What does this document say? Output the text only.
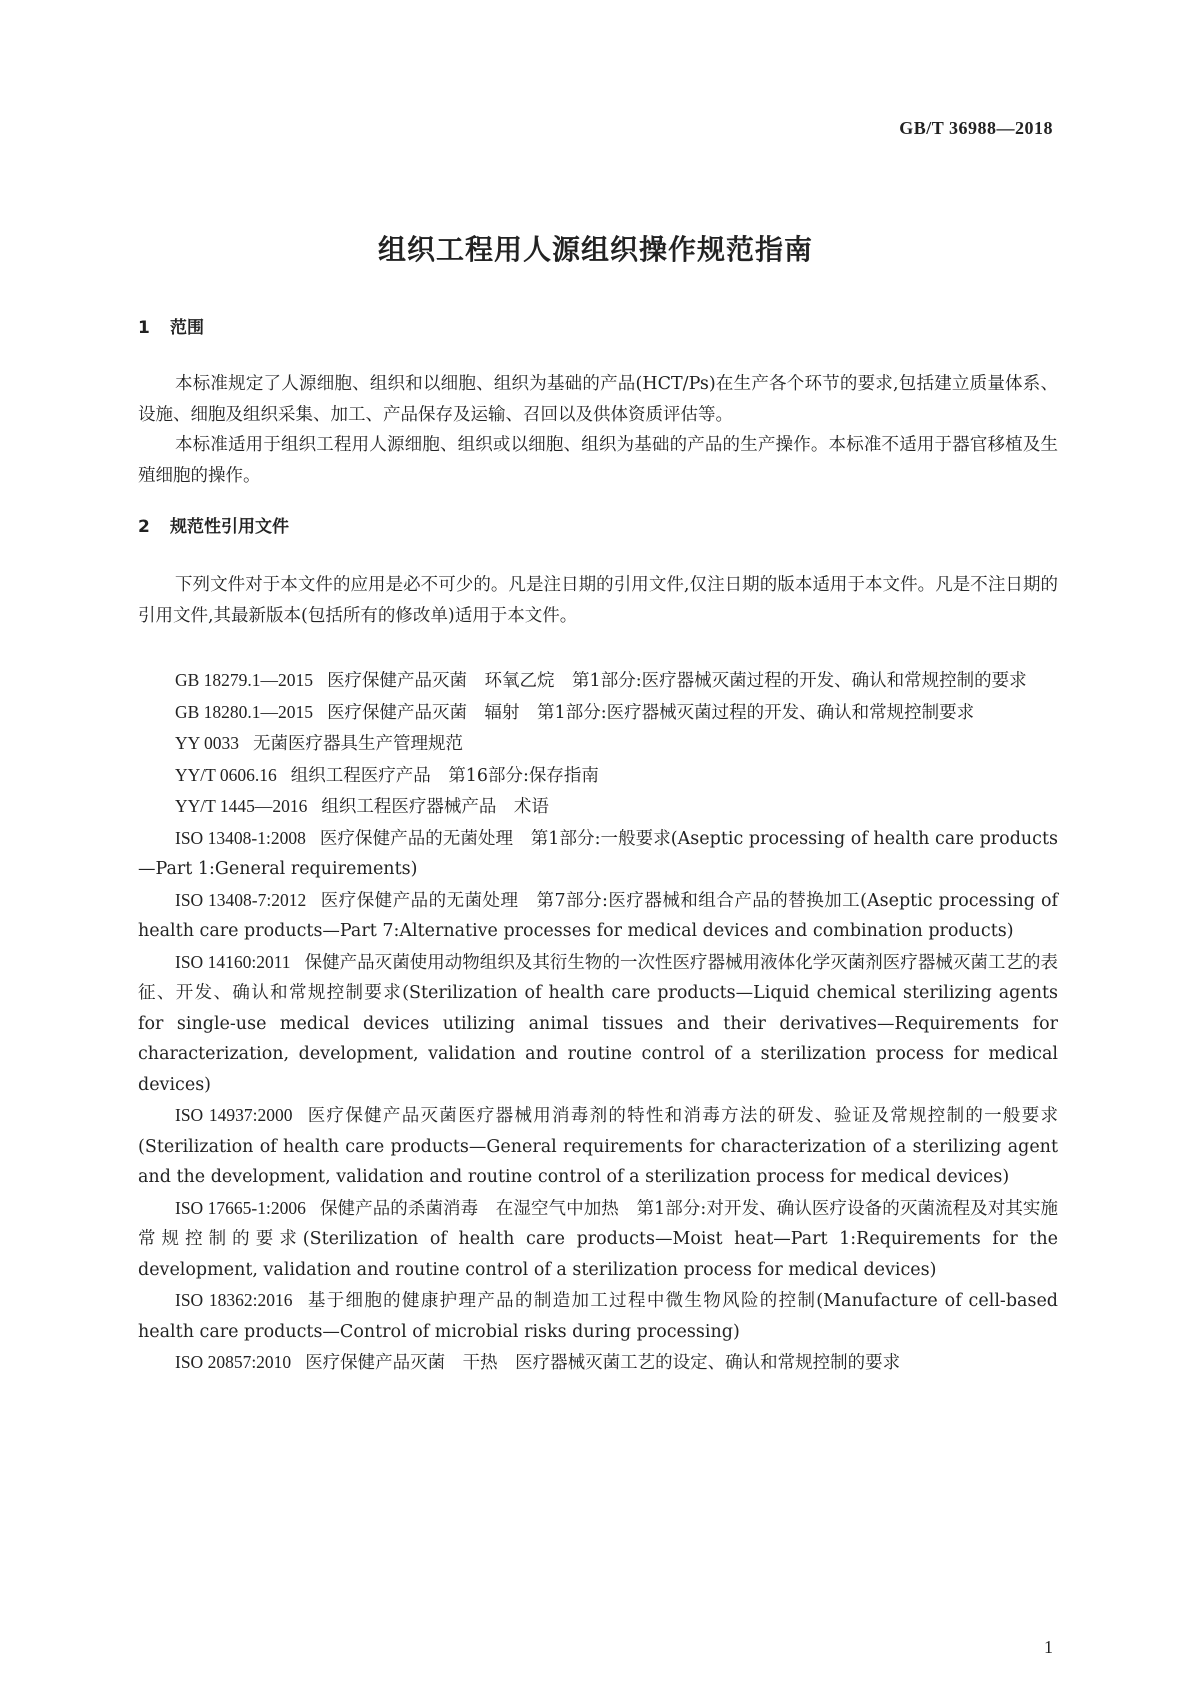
GB/T 36988—2018
组织工程用人源组织操作规范指南
1 范围
本标准规定了人源细胞、组织和以细胞、组织为基础的产品(HCT/Ps)在生产各个环节的要求,包括建立质量体系、设施、细胞及组织采集、加工、产品保存及运输、召回以及供体资质评估等。
本标准适用于组织工程用人源细胞、组织或以细胞、组织为基础的产品的生产操作。本标准不适用于器官移植及生殖细胞的操作。
2 规范性引用文件
下列文件对于本文件的应用是必不可少的。凡是注日期的引用文件,仅注日期的版本适用于本文件。凡是不注日期的引用文件,其最新版本(包括所有的修改单)适用于本文件。
GB 18279.1—2015 医疗保健产品灭菌　环氧乙烷　第1部分:医疗器械灭菌过程的开发、确认和常规控制的要求
GB 18280.1—2015 医疗保健产品灭菌　辐射　第1部分:医疗器械灭菌过程的开发、确认和常规控制要求
YY 0033 无菌医疗器具生产管理规范
YY/T 0606.16 组织工程医疗产品　第16部分:保存指南
YY/T 1445—2016 组织工程医疗器械产品　术语
ISO 13408-1:2008 医疗保健产品的无菌处理　第1部分:一般要求(Aseptic processing of health care products—Part 1:General requirements)
ISO 13408-7:2012 医疗保健产品的无菌处理　第7部分:医疗器械和组合产品的替换加工(Aseptic processing of health care products—Part 7:Alternative processes for medical devices and combination products)
ISO 14160:2011 保健产品灭菌使用动物组织及其衍生物的一次性医疗器械用液体化学灭菌剂医疗器械灭菌工艺的表征、开发、确认和常规控制要求(Sterilization of health care products—Liquid chemical sterilizing agents for single-use medical devices utilizing animal tissues and their derivatives—Requirements for characterization, development, validation and routine control of a sterilization process for medical devices)
ISO 14937:2000 医疗保健产品灭菌医疗器械用消毒剂的特性和消毒方法的研发、验证及常规控制的一般要求(Sterilization of health care products—General requirements for characterization of a sterilizing agent and the development, validation and routine control of a sterilization process for medical devices)
ISO 17665-1:2006 保健产品的杀菌消毒　在湿空气中加热　第1部分:对开发、确认医疗设备的灭菌流程及对其实施常规控制的要求(Sterilization of health care products—Moist heat—Part 1:Requirements for the development, validation and routine control of a sterilization process for medical devices)
ISO 18362:2016 基于细胞的健康护理产品的制造加工过程中微生物风险的控制(Manufacture of cell-based health care products—Control of microbial risks during processing)
ISO 20857:2010 医疗保健产品灭菌　干热　医疗器械灭菌工艺的设定、确认和常规控制的要求
1
